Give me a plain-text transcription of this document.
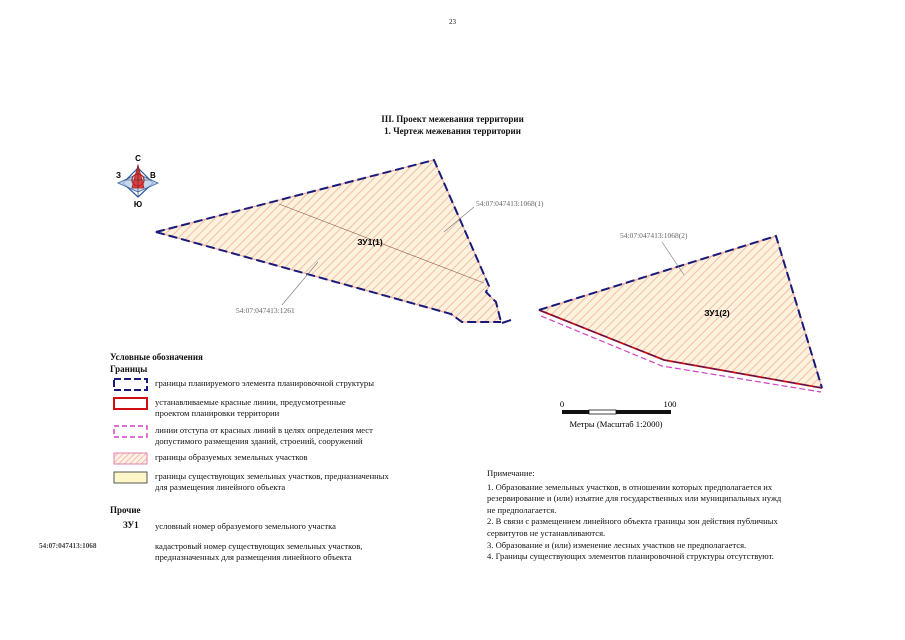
23
III. Проект межевания территории
1. Чертеж межевания территории
С
Ю
З	В
ЗУ1(1)
ЗУ1(2)
54:07:047413:1068(1)
54:07:047413:1068(2)
54:07:047413:1261
0	100
Метры (Масштаб 1:2000)
Условные обозначения
Границы
границы планируемого элемента планировочной структуры

устанавливаемые красные линии, предусмотренные
проектом планировки территории
линии отступа от красных линий в целях определения мест
допустимого размещения зданий, строений, сооружений
границы образуемых земельных участков

границы существующих земельных участков, предназначенных
для размещения линейного объекта
Прочие
ЗУ1 условный номер образуемого земельного участка

54:07:047413:1068	кадастровый номер существующих земельных участков,
предназначенных для размещения линейного объекта
Примечание:
1. Образование земельных участков, в отношении которых предполагается их
резервирование и (или) изъятие для государственных или муниципальных нужд
не предполагается.
2. В связи с размещением линейного объекта границы зон действия публичных
сервитутов не устанавливаются.
3. Образование и (или) изменение лесных участков не предполагается.
4. Границы существующих элементов планировочной структуры отсутствуют.
